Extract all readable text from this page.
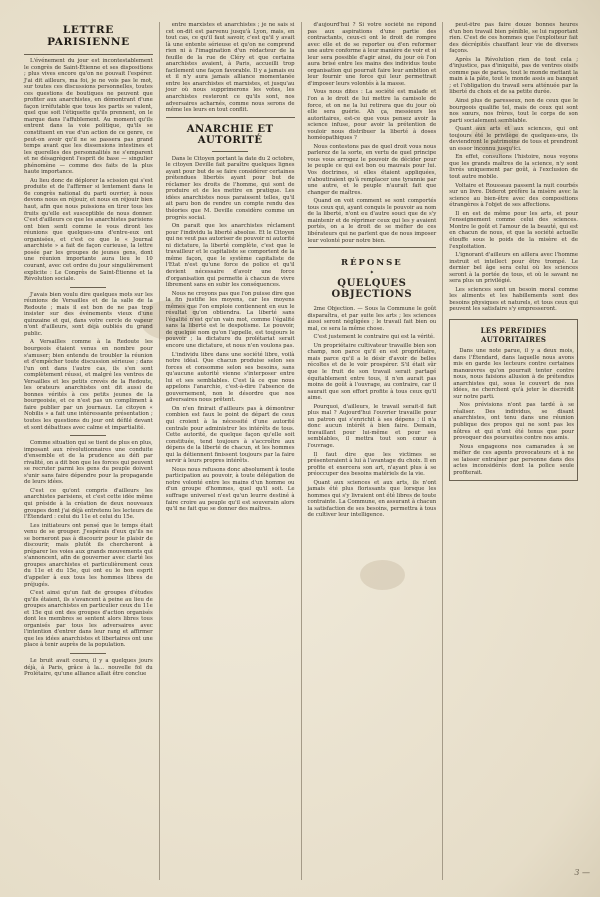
LETTRE PARISIENNE

L'événement du jour est incontestablement le congrès de Saint-Étienne et ses dispositions ; plus vives encore qu'on ne pouvait l'espérer. J'ai dit ailleurs, ma foi, je ne vois pas le mot, sur toutes ces discussions personnelles, toutes ces questions de boutiques ne peuvent que profiter aux anarchistes, en démontrant d'une façon irréfutable que tous les partis se valent, quel que soit l'étiquette qu'ils prennent, on le marque dans l'affublement. Au moment qu'ils entrent dans la voie politique, qu'ils se constituent en vue d'un action de ce genre, ce peut-on avoir qu'il ne se passera pas grand temps avant que les dissensions intestines et les querelles des personnalités ne s'emparent et ne désagrègent l'esprit de base — singulier phénomène — comme des faits de la plus haute importance.

Au lieu donc de déplorer la scission qui s'est produite et de l'affirmer si lentement dans le 6e congrès national du parti ouvrier, à nous devons nous en réjouir, et nous en réjouir bien haut, afin que nous puissions en tirer tous les fruits qu'elle est susceptible de nous donner. C'est d'ailleurs ce que les anarchistes parisiens ont bien senti comme le vous diront les réunions que quelques-uns d'entre-eux ont organisées, et c'est ce que le « Journal anarchiste » a fait de façon curieuse, la lettre posée par les groupes de jeunes gens, dont une réunion importante aura lieu le 10 courant, avec cet ordre du jour singulièrement explicite : Le Congrès de Saint-Étienne et la Révolution sociale.

J'avais bien voulu dire quelques mots sur les réunions de Versailles et de la salle de la Redoute ; mais il est bon de ne pas trop insister sur des événements vieux d'une quinzaine et qui, dans votre cercle de vapeur n'ont d'ailleurs, sont déjà oubliés du grand public.

A Versailles comme à la Redoute les bourgeois étaient venus en nombre pour s'amuser; bien entendu de troubler la réunion et d'empêcher toute discussion sérieuse ; dans l'un ont dans l'autre cas, ils s'en sont complètement réussi, et malgré les ventres de Versailles et les petits crevés de la Redoute, les orateurs anarchistes ont dit aussi de bonnes vérités à ces petits jeunes de la bourgeoisie, et ce n'est pas un compliment à faire publier par un journaux. Le citoyen « Nobilis » a fait une intéressante présentation ; toutes les questions du jour ont défilé devant et sont débattues avec calme et impartialité.

Comme situation qui se tient de plus en plus, imposant aux révolutionnaires une conduite d'ensemble et de la prudence au défi par rivalité, on a dit bon que les forces qui peuvent se recruter parmi les gens du peuple doivent s'unir sans faire dépendre pour la propagande de leurs idées.

C'est ce qu'ont compris d'ailleurs les anarchistes parisiens, et c'est cette idée même qui préside à la création de deux nouveaux groupes dont j'ai déjà entretenu les lecteurs de l'Étendard : celui du 11e et celui du 15e.

Les initiateurs ont pensé que le temps était venu de se grouper. J'espérais d'eux qu'ils ne se borneront pas à discourir pour le plaisir de discourir, mais plutôt ils chercheront à préparer les voies aux grands mouvements qui s'annoncent, afin de gouverner avec clarté les groupes anarchistes et particulièrement ceux du 11e et du 15e, qui ont eu le bon esprit d'appeler à eux tous les hommes libres de préjugés.

C'est ainsi qu'un fait de groupes d'études qu'ils étaient, ils s'avancent à peine au lieu de groupes anarchistes en particulier ceux du 11e et 15e qui ont des groupes d'action organisés dont les membres se sentent alors libres tous organisés par tous les adversaires avec l'intention d'entrer dans leur rang et affirmer que les idées anarchistes et libertaires ont une place à tenir auprès de la population.

Le bruit avait couru, il y a quelques jours déjà, à Paris, grâce à la... nouvelle fol du Prolétaire, qu'une alliance allait être conclue

entre marxistes et anarchistes ; je ne sais si cet on-dit est parvenu jusqu'à Lyon, mais, en tout cas, ce qu'il faut savoir, c'est qu'il y avait là une entente sérieuse et qu'on ne comprend rien ni à l'imagination d'un rédacteur de la feuille de la rue de Cléry et que certains anarchistes avaient, à Paris, accueilli trop facilement une façon favorable. Il y a jamais eu et il n'y aura jamais alliance momentanée entre les anarchistes et marxistes, et jusqu'au jour où nous supprimerons les votes, les anarchistes resteront ce qu'ils sont, nos adversaires acharnés, comme nous serons de même les leurs en tout conflit.

ANARCHIE ET AUTORITÉ

Dans le Citoyen portant la date du 2 octobre, le citoyen Deville fait paraître quelques lignes ayant pour but de se faire considérer certaines prétendues libertés ayant pour but de réclamer les droits de l'homme, qui sont de produire et de les mettre en pratique. Les idées anarchistes nous paraissent telles, qu'il ait paru bon de rendre un compte rendu des théories que M. Deville considère comme un progrès social.

On parait que les anarchistes réclament pour l'individu la liberté absolue. Et le Citoyen qui ne veut pas autoriser de pouvoir ni autorité ni dictature, la liberté complète, c'est que le travailleur et le capitaliste se comportent de la même façon, que le système capitaliste de l'Etat n'est qu'une force de police et qu'il devient nécessaire d'avoir une force d'organisation qui permette à chacun de vivre librement sans en subir les conséquences.

Nous ne croyons pas que l'on puisse dire que la fin justifie les moyens, car les moyens mêmes que l'on emploie contiennent en eux le résultat qu'on obtiendra. La liberté sans l'égalité n'est qu'un vain mot, comme l'égalité sans la liberté est le despotisme. Le pouvoir, de quelque nom qu'on l'appelle, est toujours le pouvoir ; la dictature du prolétariat serait encore une dictature, et nous n'en voulons pas.

L'individu libre dans une société libre, voilà notre idéal. Que chacun produise selon ses forces et consomme selon ses besoins, sans qu'aucune autorité vienne s'interposer entre lui et ses semblables. C'est là ce que nous appelons l'anarchie, c'est-à-dire l'absence de gouvernement, non le désordre que nos adversaires nous prêtent.

On n'en finirait d'ailleurs pas à démontrer combien est faux le point de départ de ceux qui croient à la nécessité d'une autorité centrale pour administrer les intérêts de tous. Cette autorité, de quelque façon qu'elle soit constituée, tend toujours à s'accroître aux dépens de la liberté de chacun, et les hommes qui la détiennent finissent toujours par la faire servir à leurs propres intérêts.

Nous nous refusons donc absolument à toute participation au pouvoir, à toute délégation de notre volonté entre les mains d'un homme ou d'un groupe d'hommes, quel qu'il soit. Le suffrage universel n'est qu'un leurre destiné à faire croire au peuple qu'il est souverain alors qu'il ne fait que se donner des maîtres.

d'aujourd'hui ? Si votre société ne répond pas aux aspirations d'une partie des contractants, ceux-ci ont le droit de rompre avec elle et de se reporter ou d'en reformer une autre conforme à leur manière de voir et si leur sera possible d'agir ainsi, du jour où l'on aura brisé entre les mains des individus toute organisation qui pourrait faire leur ambition et leur fournir une force qui leur permettrait d'imposer leurs volontés à la masse.

Vous nous dites : La société est malade et l'on a le droit de lui mettre la camisole de force, et on ne la lui retirera que du jour où elle sera guérie. Ah ça, messieurs les autoritaires, est-ce que vous pensez avoir la science infuse, pour avoir la prétention de vouloir nous distribuer la liberté à doses homéopathiques ?

Nous contestons pas de quel droit vous nous parlerez de la sorte, en vertu de quel principe vous vous arrogez le pouvoir de décider pour le peuple ce qui est bon ou mauvais pour lui. Vos doctrines, si elles étaient appliquées, n'aboutiraient qu'à remplacer une tyrannie par une autre, et le peuple n'aurait fait que changer de maîtres.

Quand on voit comment se sont comportés tous ceux qui, ayant conquis le pouvoir au nom de la liberté, n'ont eu d'autre souci que de s'y maintenir et de réprimer ceux qui les y avaient portés, on a le droit de se méfier de ces libérateurs qui ne parlent que de nous imposer leur volonté pour notre bien.

RÉPONSE
✦
QUELQUES OBJECTIONS

2me Objection. — Sous la Commune le goût disparaîtra, et par suite les arts ; les sciences aussi seront négligées ; le travail fait bien ou mal, ce sera la même chose.

C'est justement le contraire qui est la vérité.

Un propriétaire cultivateur travaille bien son champ, non parce qu'il en est propriétaire, mais parce qu'il a le désir d'avoir de belles récoltes et de le voir prospérer. S'il était sûr que le fruit de son travail serait partagé équitablement entre tous, il n'en aurait pas moins de goût à l'ouvrage, au contraire, car il saurait que son effort profite à tous ceux qu'il aime.

Pourquoi, d'ailleurs, le travail serait-il fait plus mal ? Aujourd'hui l'ouvrier travaille pour un patron qui s'enrichit à ses dépens ; il n'a donc aucun intérêt à bien faire. Demain, travaillant pour lui-même et pour ses semblables, il mettra tout son cœur à l'ouvrage.

Il faut dire que les victimes se présenteraient à lui à l'avantage du choix. Il en profite et exercera son art, n'ayant plus à se préoccuper des besoins matériels de la vie.

Quant aux sciences et aux arts, ils n'ont jamais été plus florissants que lorsque les hommes qui s'y livraient ont été libres de toute contrainte. La Commune, en assurant à chacun la satisfaction de ses besoins, permettra à tous de cultiver leur intelligence.

peut-être pas faire douze bonnes heures d'un bon travail bien pénible, se lui rapportant rien. C'est de ces hommes que l'exploiteur fait des décrépités chauffant leur vie de diverses façons.

Après la Révolution rien de tout cela ; d'injustice, pas d'iniquité, pas de ventres oisifs comme pas de parias, tout le monde mettant la main à la pâte, tout le monde assis au banquet ; et l'obligation du travail sera atténuée par la liberté du choix et de sa petite durée.

Ainsi plus de paresseux, non de ceux que le bourgeois qualifie tel, mais de ceux qui sont nos sœurs, nos frères, tout le corps de son parti socialement semblable.

Quant aux arts et aux sciences, qui ont toujours été le privilège de quelques-uns, ils deviendront le patrimoine de tous et prendront un essor inconnu jusqu'ici.

En effet, consultons l'histoire, nous voyons que les grands maîtres de la science, n'y sont livrés uniquement par goût, à l'exclusion de tout autre mobile.

Voltaire et Rousseau passent la nuit courbés sur un livre. Diderot préfère la misère avec la science au bien-être avec des compositions étrangères à l'objet de ses affections.

Il en est de même pour les arts, et pour l'enseignement comme celui des sciences. Montre le goût et l'amour de la beauté, qui est en chacun de nous, et que la société actuelle étouffe sous le poids de la misère et de l'exploitation.

L'ignorant d'ailleurs en aillera avec l'homme instruit et intellect pour être trompé. Le dernier bel âge sera celui où les sciences seront à la portée de tous, et où le savant ne sera plus un privilégié.

Les sciences sont un besoin moral comme les aliments et les habillements sont des besoins physiques et naturels, et tous ceux qui peuvent les satisfaire s'y empresseront.

LES PERFIDIES AUTORITAIRES

Dans une note parue, il y a deux mois, dans l'Étendard, dans laquelle nous avons mis en garde les lecteurs contre certaines manœuvres qu'on pourrait tenter contre nous, nous faisions allusion à de prétendus anarchistes qui, sous le couvert de nos idées, ne cherchent qu'à jeter le discrédit sur notre parti.

Nos prévisions n'ont pas tardé à se réaliser. Des individus, se disant anarchistes, ont tenu dans une réunion publique des propos qui ne sont pas les nôtres et qui n'ont été tenus que pour provoquer des poursuites contre nos amis.

Nous engageons nos camarades à se méfier de ces agents provocateurs et à ne se laisser entraîner par personne dans des actes inconsidérés dont la police seule profiterait.

3 —
